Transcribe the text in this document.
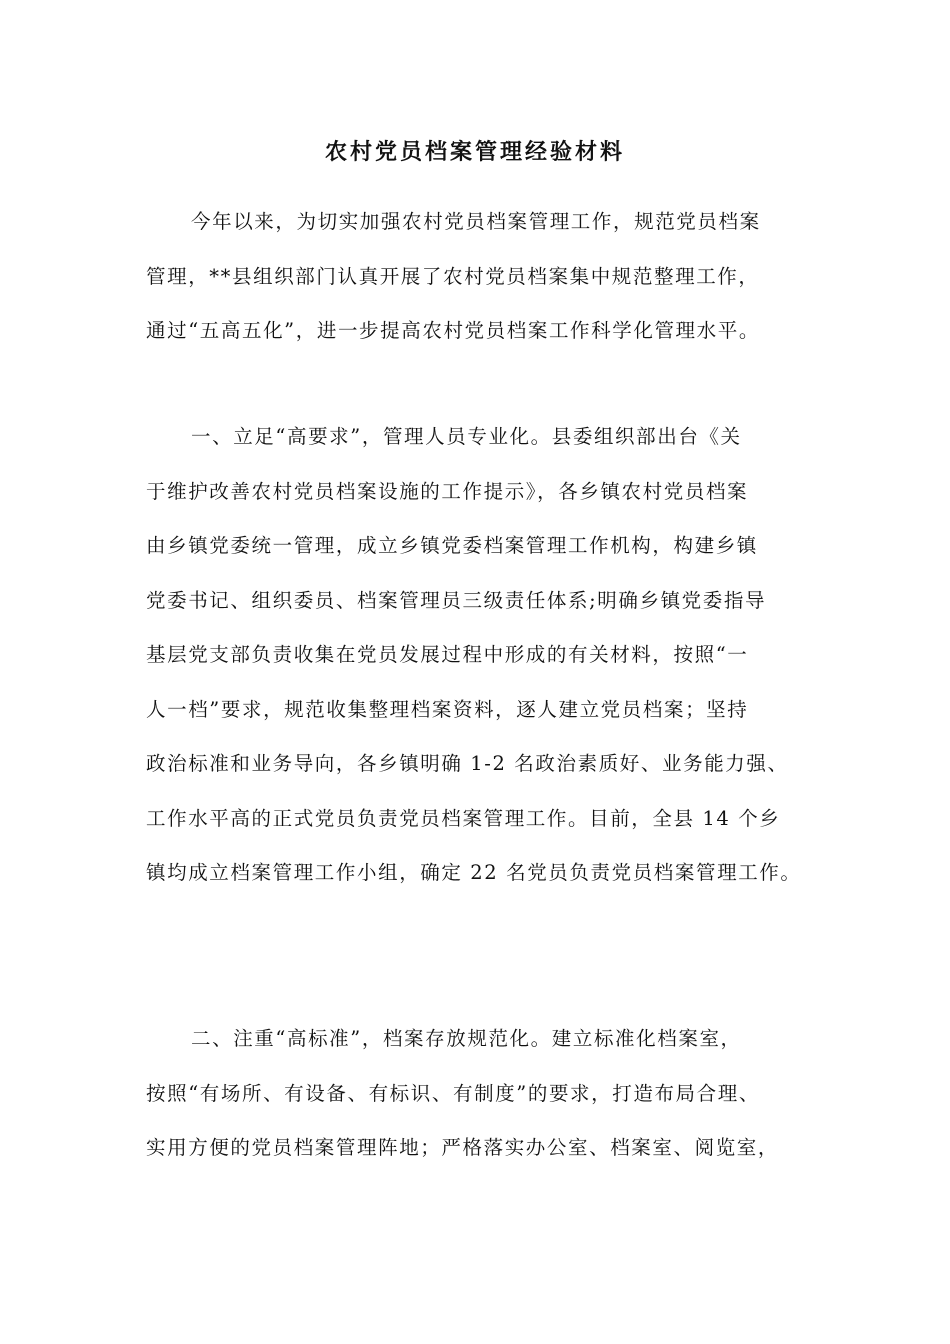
农村党员档案管理经验材料
今年以来，为切实加强农村党员档案管理工作，规范党员档案
管理，**县组织部门认真开展了农村党员档案集中规范整理工作，
通过“五高五化”，进一步提高农村党员档案工作科学化管理水平。
一、立足“高要求”，管理人员专业化。县委组织部出台《关
于维护改善农村党员档案设施的工作提示》，各乡镇农村党员档案
由乡镇党委统一管理，成立乡镇党委档案管理工作机构，构建乡镇
党委书记、组织委员、档案管理员三级责任体系;明确乡镇党委指导
基层党支部负责收集在党员发展过程中形成的有关材料，按照“一
人一档”要求，规范收集整理档案资料，逐人建立党员档案；坚持
政治标准和业务导向，各乡镇明确 1-2 名政治素质好、业务能力强、
工作水平高的正式党员负责党员档案管理工作。目前，全县 14 个乡
镇均成立档案管理工作小组，确定 22 名党员负责党员档案管理工作。
二、注重“高标准”，档案存放规范化。建立标准化档案室，
按照“有场所、有设备、有标识、有制度”的要求，打造布局合理、
实用方便的党员档案管理阵地；严格落实办公室、档案室、阅览室，
